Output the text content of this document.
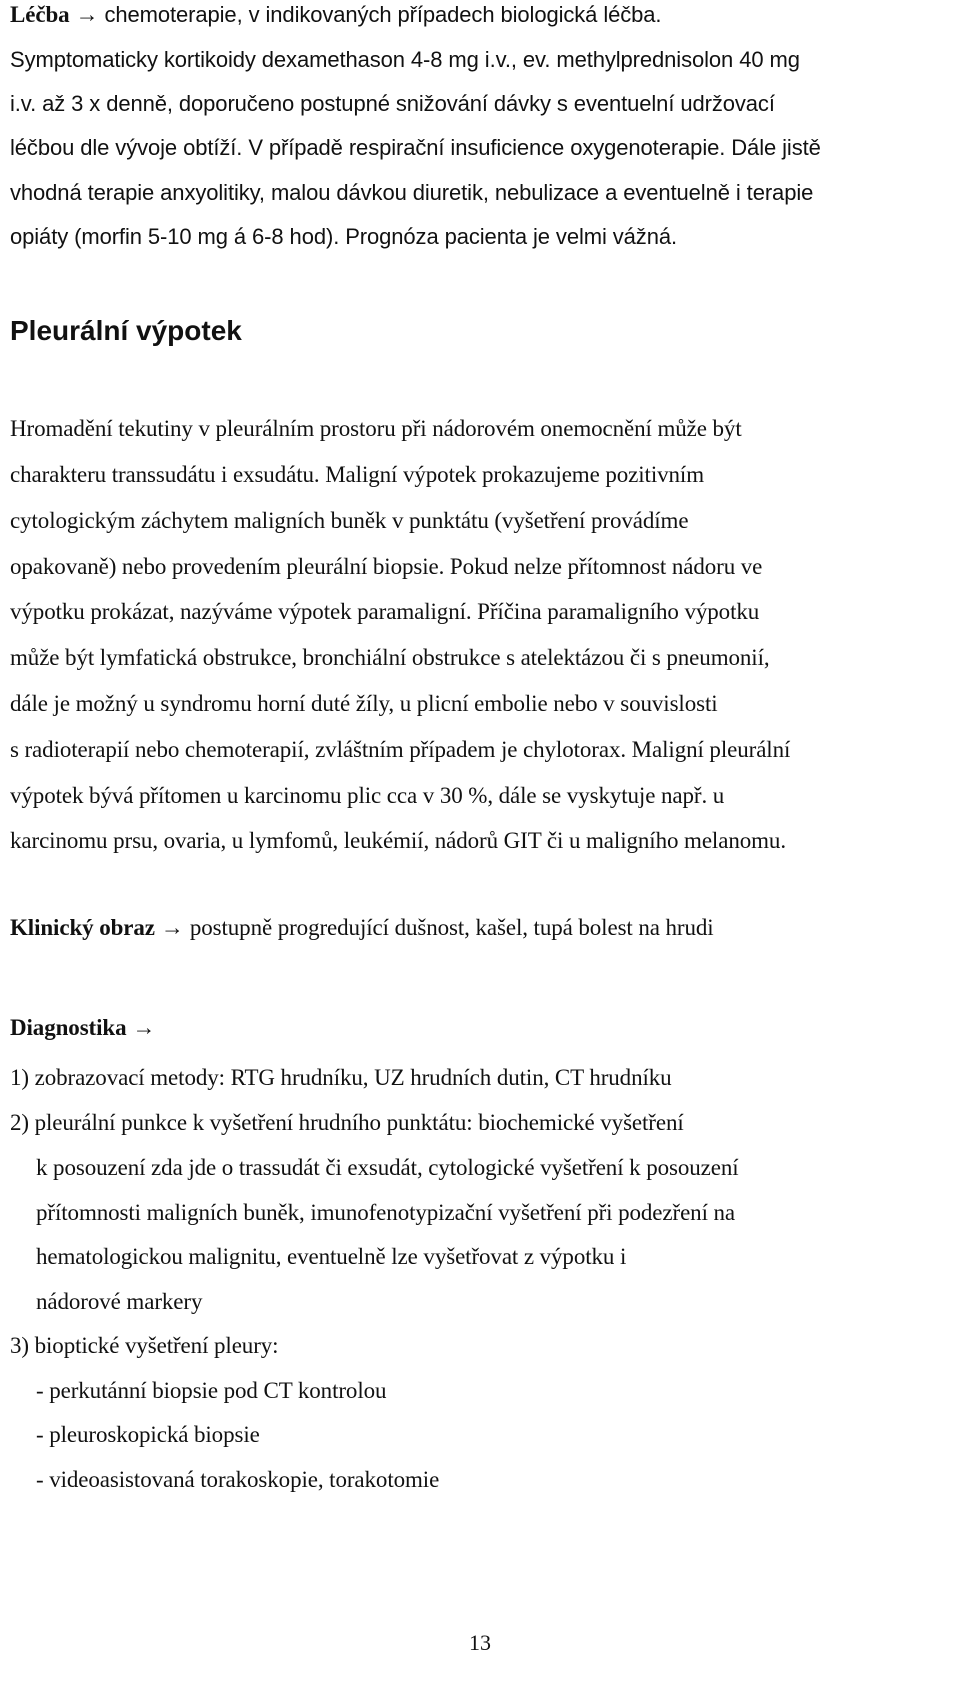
Léčba → chemoterapie, v indikovaných případech biologická léčba.
Symptomaticky kortikoidy dexamethason 4-8 mg i.v., ev. methylprednisolon 40 mg
i.v. až 3 x denně, doporučeno postupné snižování dávky s eventuelní udržovací
léčbou dle vývoje obtíží. V případě respirační insuficience oxygenoterapie. Dále jistě
vhodná terapie anxyolitiky, malou dávkou diuretik, nebulizace a eventuelně i terapie
opiáty (morfin 5-10 mg á 6-8 hod). Prognóza pacienta je velmi vážná.
Pleurální výpotek
Hromadění tekutiny v pleurálním prostoru při nádorovém onemocnění může být
charakteru transsudátu i exsudátu. Maligní výpotek prokazujeme pozitivním
cytologickým záchytem maligních buněk v punktátu (vyšetření provádíme
opakovaně) nebo provedením pleurální biopsie. Pokud nelze přítomnost nádoru ve
výpotku prokázat, nazýváme výpotek paramaligní. Příčina paramaligního výpotku
může být lymfatická obstrukce, bronchiální obstrukce s atelektázou či s pneumonií,
dále je možný u syndromu horní duté žíly, u plicní embolie nebo v souvislosti
s radioterapií nebo chemoterapií, zvláštním případem je chylotorax. Maligní pleurální
výpotek bývá přítomen u karcinomu plic cca v 30 %, dále se vyskytuje např. u
karcinomu prsu, ovaria, u lymfomů, leukémií, nádorů GIT či u maligního melanomu.
Klinický obraz → postupně progredující dušnost, kašel, tupá bolest na hrudi
Diagnostika →
1) zobrazovací metody: RTG hrudníku, UZ hrudních dutin, CT hrudníku
2) pleurální punkce k vyšetření hrudního punktátu: biochemické vyšetření
k posouzení zda jde o trassudát či exsudát, cytologické vyšetření k posouzení
přítomnosti maligních buněk, imunofenotypizační vyšetření při podezření na
hematologickou malignitu, eventuelně lze vyšetřovat z výpotku i
nádorové markery
3) bioptické vyšetření pleury:
- perkutánní biopsie pod CT kontrolou
- pleuroskopická biopsie
- videoasistovaná torakoskopie, torakotomie
13
